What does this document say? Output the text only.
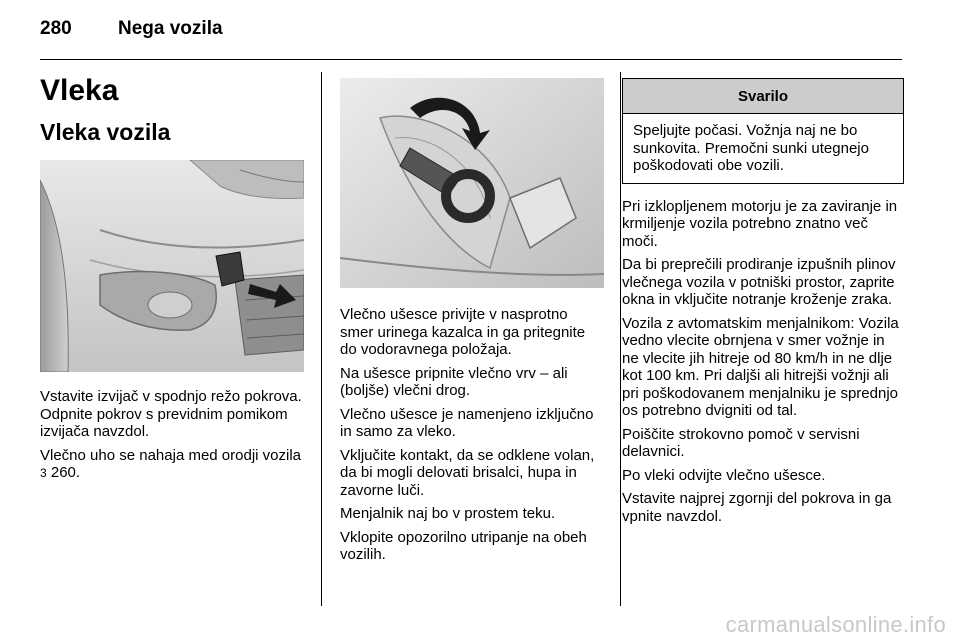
280	Nega vozila
Vleka
Vleka vozila

Vstavite izvijač v spodnjo režo pokrova. Odpnite pokrov s previdnim pomikom izvijača navzdol.

Vlečno uho se nahaja med orodji vozila 3 260.

Vlečno ušesce privijte v nasprotno smer urinega kazalca in ga pritegnite do vodoravnega položaja.

Na ušesce pripnite vlečno vrv – ali (boljše) vlečni drog.

Vlečno ušesce je namenjeno izključno in samo za vleko.

Vključite kontakt, da se odklene volan, da bi mogli delovati brisalci, hupa in zavorne luči.

Menjalnik naj bo v prostem teku.

Vklopite opozorilno utripanje na obeh vozilih.

Svarilo
Speljujte počasi. Vožnja naj ne bo sunkovita. Premočni sunki utegnejo poškodovati obe vozili.

Pri izklopljenem motorju je za zaviranje in krmiljenje vozila potrebno znatno več moči.

Da bi preprečili prodiranje izpušnih plinov vlečnega vozila v potniški prostor, zaprite okna in vključite notranje kroženje zraka.

Vozila z avtomatskim menjalnikom: Vozila vedno vlecite obrnjena v smer vožnje in ne vlecite jih hitreje od 80 km/h in ne dlje kot 100 km. Pri daljši ali hitrejši vožnji ali pri poškodovanem menjalniku je sprednjo os potrebno dvigniti od tal.

Poiščite strokovno pomoč v servisni delavnici.

Po vleki odvijte vlečno ušesce.

Vstavite najprej zgornji del pokrova in ga vpnite navzdol.

carmanualsonline.info
